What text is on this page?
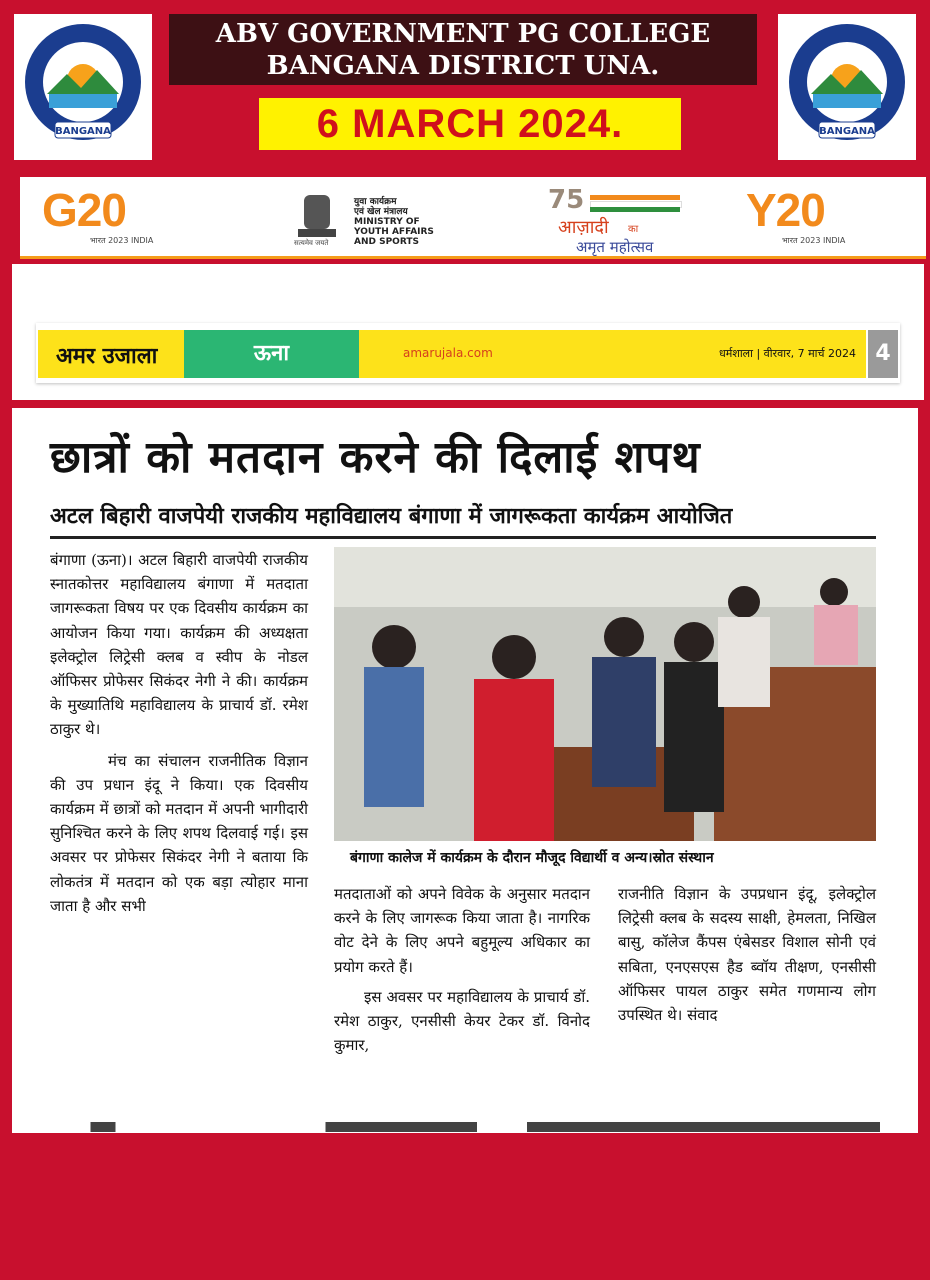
BANGANA	BANGANA
ABV GOVERNMENT PG COLLEGE
BANGANA DISTRICT UNA.
6 MARCH 2024.
G20
भारत 2023 INDIA	सत्यमेव जयते
युवा कार्यक्रम
एवं खेल मंत्रालय
MINISTRY OF
YOUTH AFFAIRS
AND SPORTS
75
आज़ादी का
अमृत महोत्सव
Y20
भारत 2023 INDIA
अमर उजाला	ऊना	amarujala.com	धर्मशाला | वीरवार, 7 मार्च 2024 4
छात्रों को मतदान करने की दिलाई शपथ
अटल बिहारी वाजपेयी राजकीय महाविद्यालय बंगाणा में जागरूकता कार्यक्रम आयोजित

बंगाणा (ऊना)। अटल बिहारी वाजपेयी राजकीय स्नातकोत्तर महाविद्यालय बंगाणा में मतदाता जागरूकता विषय पर एक दिवसीय कार्यक्रम का आयोजन किया गया। कार्यक्रम की अध्यक्षता इलेक्ट्रोल लिट्रेसी क्लब व स्वीप के नोडल ऑफिसर प्रोफेसर सिकंदर नेगी ने की। कार्यक्रम के मुख्यातिथि महाविद्यालय के प्राचार्य डॉ. रमेश ठाकुर थे।

मंच का संचालन राजनीतिक विज्ञान की उप प्रधान इंदू ने किया। एक दिवसीय कार्यक्रम में छात्रों को मतदान में अपनी भागीदारी सुनिश्चित करने के लिए शपथ दिलवाई गई। इस अवसर पर प्रोफेसर सिकंदर नेगी ने बताया कि लोकतंत्र में मतदान को एक बड़ा त्योहार माना जाता है और सभी

बंगाणा कालेज में कार्यक्रम के दौरान मौजूद विद्यार्थी व अन्य।स्रोत संस्थान

मतदाताओं को अपने विवेक के अनुसार मतदान करने के लिए जागरूक किया जाता है। नागरिक वोट देने के लिए अपने बहुमूल्य अधिकार का प्रयोग करते हैं।

इस अवसर पर महाविद्यालय के प्राचार्य डॉ. रमेश ठाकुर, एनसीसी केयर टेकर डॉ. विनोद कुमार,

राजनीति विज्ञान के उपप्रधान इंदू, इलेक्ट्रोल लिट्रेसी क्लब के सदस्य साक्षी, हेमलता, निखिल बासु, कॉलेज कैंपस एंबेसडर विशाल सोनी एवं सबिता, एनएसएस हैड ब्वॉय तीक्षण, एनसीसी ऑफिसर पायल ठाकुर समेत गणमान्य लोग उपस्थित थे। संवाद
